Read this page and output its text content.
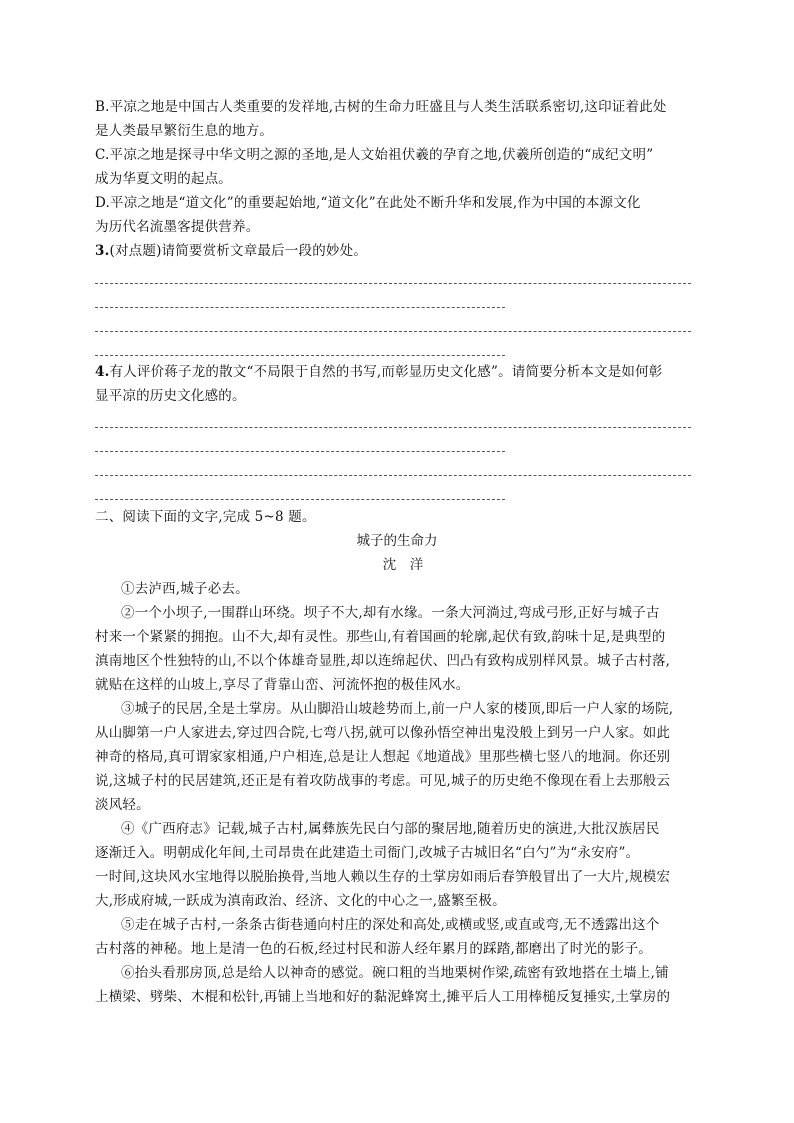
B.平凉之地是中国古人类重要的发祥地,古树的生命力旺盛且与人类生活联系密切,这印证着此处
是人类最早繁衍生息的地方。
C.平凉之地是探寻中华文明之源的圣地,是人文始祖伏羲的孕育之地,伏羲所创造的“成纪文明”
成为华夏文明的起点。
D.平凉之地是“道文化”的重要起始地,“道文化”在此处不断升华和发展,作为中国的本源文化
为历代名流墨客提供营养。
3.(对点题)请简要赏析文章最后一段的妙处。
4.有人评价蒋子龙的散文“不局限于自然的书写,而彰显历史文化感”。请简要分析本文是如何彰
显平凉的历史文化感的。
二、阅读下面的文字,完成 5~8 题。
城子的生命力
沈　洋
①去泸西,城子必去。
②一个小坝子,一围群山环绕。坝子不大,却有水缘。一条大河淌过,弯成弓形,正好与城子古
村来一个紧紧的拥抱。山不大,却有灵性。那些山,有着国画的轮廓,起伏有致,韵味十足,是典型的
滇南地区个性独特的山,不以个体雄奇显胜,却以连绵起伏、凹凸有致构成别样风景。城子古村落,
就贴在这样的山坡上,享尽了背靠山峦、河流怀抱的极佳风水。
③城子的民居,全是土掌房。从山脚沿山坡趁势而上,前一户人家的楼顶,即后一户人家的场院,
从山脚第一户人家进去,穿过四合院,七弯八拐,就可以像孙悟空神出鬼没般上到另一户人家。如此
神奇的格局,真可谓家家相通,户户相连,总是让人想起《地道战》里那些横七竖八的地洞。你还别
说,这城子村的民居建筑,还正是有着攻防战事的考虑。可见,城子的历史绝不像现在看上去那般云
淡风轻。
④《广西府志》记载,城子古村,属彝族先民白勺部的聚居地,随着历史的演进,大批汉族居民
逐渐迁入。明朝成化年间,土司昂贵在此建造土司衙门,改城子古城旧名“白勺”为“永安府”。
一时间,这块风水宝地得以脱胎换骨,当地人赖以生存的土掌房如雨后春笋般冒出了一大片,规模宏
大,形成府城,一跃成为滇南政治、经济、文化的中心之一,盛繁至极。
⑤走在城子古村,一条条古街巷通向村庄的深处和高处,或横或竖,或直或弯,无不透露出这个
古村落的神秘。地上是清一色的石板,经过村民和游人经年累月的踩踏,都磨出了时光的影子。
⑥抬头看那房顶,总是给人以神奇的感觉。碗口粗的当地栗树作梁,疏密有致地搭在土墙上,铺
上横梁、劈柴、木棍和松针,再铺上当地和好的黏泥蜂窝土,摊平后人工用棒槌反复捶实,土掌房的
